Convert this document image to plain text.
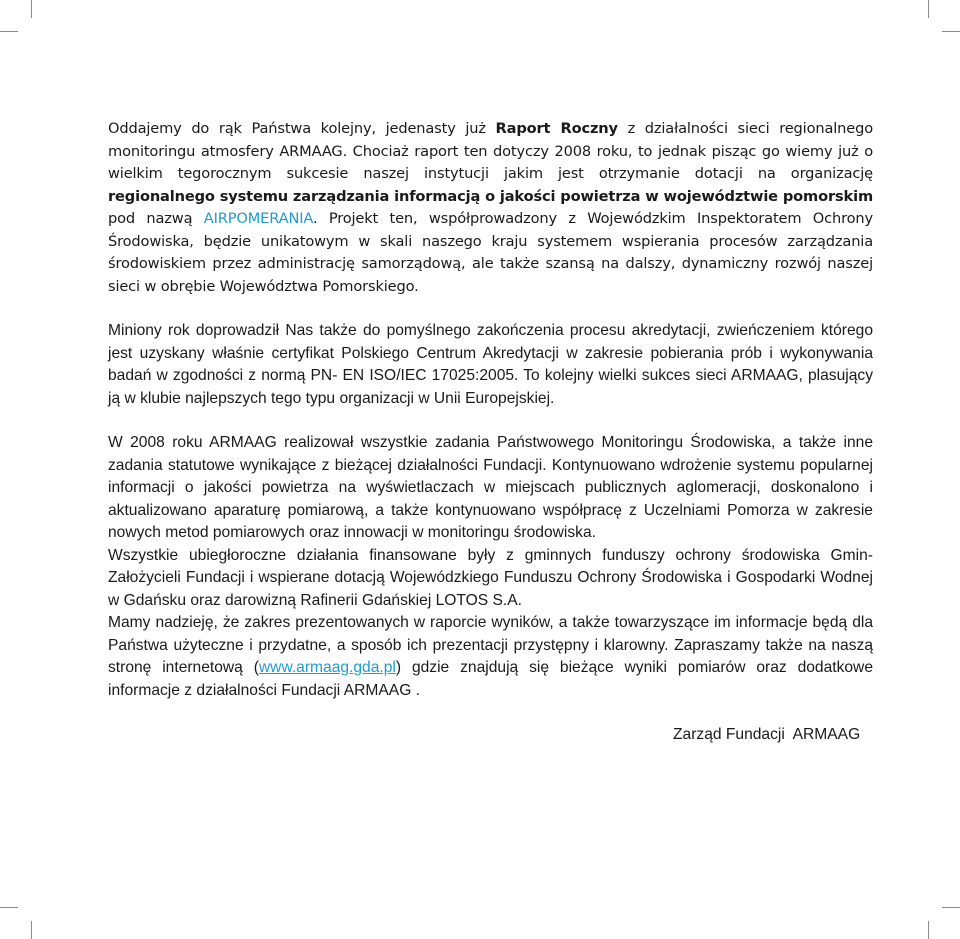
Oddajemy do rąk Państwa kolejny, jedenasty już Raport Roczny z działalności sieci regionalnego monitoringu atmosfery ARMAAG. Chociaż raport ten dotyczy 2008 roku, to jednak pisząc go wiemy już o wielkim tegorocznym sukcesie naszej instytucji jakim jest otrzymanie dotacji na organizację regionalnego systemu zarządzania informacją o jakości powietrza w województwie pomorskim pod nazwą AIRPOMERANIA. Projekt ten, współprowadzony z Wojewódzkim Inspektoratem Ochrony Środowiska, będzie unikatowym w skali naszego kraju systemem wspierania procesów zarządzania środowiskiem przez administrację samorządową, ale także szansą na dalszy, dynamiczny rozwój naszej sieci w obrębie Województwa Pomorskiego.

Miniony rok doprowadził Nas także do pomyślnego zakończenia procesu akredytacji, zwieńczeniem którego jest uzyskany właśnie certyfikat Polskiego Centrum Akredytacji w zakresie pobierania prób i wykonywania badań w zgodności z normą PN- EN ISO/IEC 17025:2005. To kolejny wielki sukces sieci ARMAAG, plasujący ją w klubie najlepszych tego typu organizacji w Unii Europejskiej.

W 2008 roku ARMAAG realizował wszystkie zadania Państwowego Monitoringu Środowiska, a także inne zadania statutowe wynikające z bieżącej działalności Fundacji. Kontynuowano wdrożenie systemu popularnej informacji o jakości powietrza na wyświetlaczach w miejscach publicznych aglomeracji, doskonalono i aktualizowano aparaturę pomiarową, a także kontynuowano współpracę z Uczelniami Pomorza w zakresie nowych metod pomiarowych oraz innowacji w monitoringu środowiska.
Wszystkie ubiegłoroczne działania finansowane były z gminnych funduszy ochrony środowiska Gmin-Założycieli Fundacji i wspierane dotacją Wojewódzkiego Funduszu Ochrony Środowiska i Gospodarki Wodnej w Gdańsku oraz darowizną Rafinerii Gdańskiej LOTOS S.A.
Mamy nadzieję, że zakres prezentowanych w raporcie wyników, a także towarzyszące im informacje będą dla Państwa użyteczne i przydatne, a sposób ich prezentacji przystępny i klarowny. Zapraszamy także na naszą stronę internetową (www.armaag.gda.pl) gdzie znajdują się bieżące wyniki pomiarów oraz dodatkowe informacje z działalności Fundacji ARMAAG .

Zarząd Fundacji  ARMAAG
